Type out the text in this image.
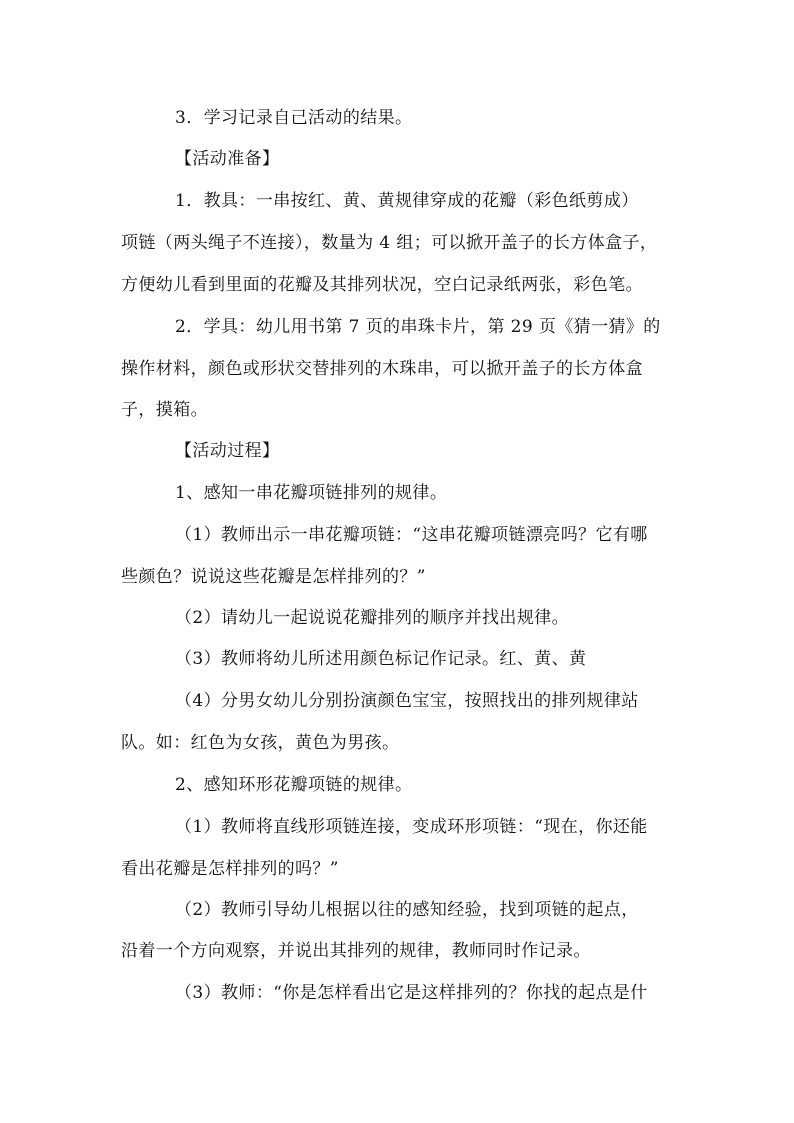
3．学习记录自己活动的结果。
【活动准备】
1．教具：一串按红、黄、黄规律穿成的花瓣（彩色纸剪成）
项链（两头绳子不连接），数量为 4 组；可以掀开盖子的长方体盒子，
方便幼儿看到里面的花瓣及其排列状况，空白记录纸两张，彩色笔。
2．学具：幼儿用书第 7 页的串珠卡片，第 29 页《猜一猜》的
操作材料，颜色或形状交替排列的木珠串，可以掀开盖子的长方体盒
子，摸箱。
【活动过程】
1、感知一串花瓣项链排列的规律。
（1）教师出示一串花瓣项链：“这串花瓣项链漂亮吗？它有哪
些颜色？说说这些花瓣是怎样排列的？”
（2）请幼儿一起说说花瓣排列的顺序并找出规律。
（3）教师将幼儿所述用颜色标记作记录。红、黄、黄
（4）分男女幼儿分别扮演颜色宝宝，按照找出的排列规律站
队。如：红色为女孩，黄色为男孩。
2、感知环形花瓣项链的规律。
（1）教师将直线形项链连接，变成环形项链：“现在，你还能
看出花瓣是怎样排列的吗？”
（2）教师引导幼儿根据以往的感知经验，找到项链的起点，
沿着一个方向观察，并说出其排列的规律，教师同时作记录。
（3）教师：“你是怎样看出它是这样排列的？你找的起点是什
